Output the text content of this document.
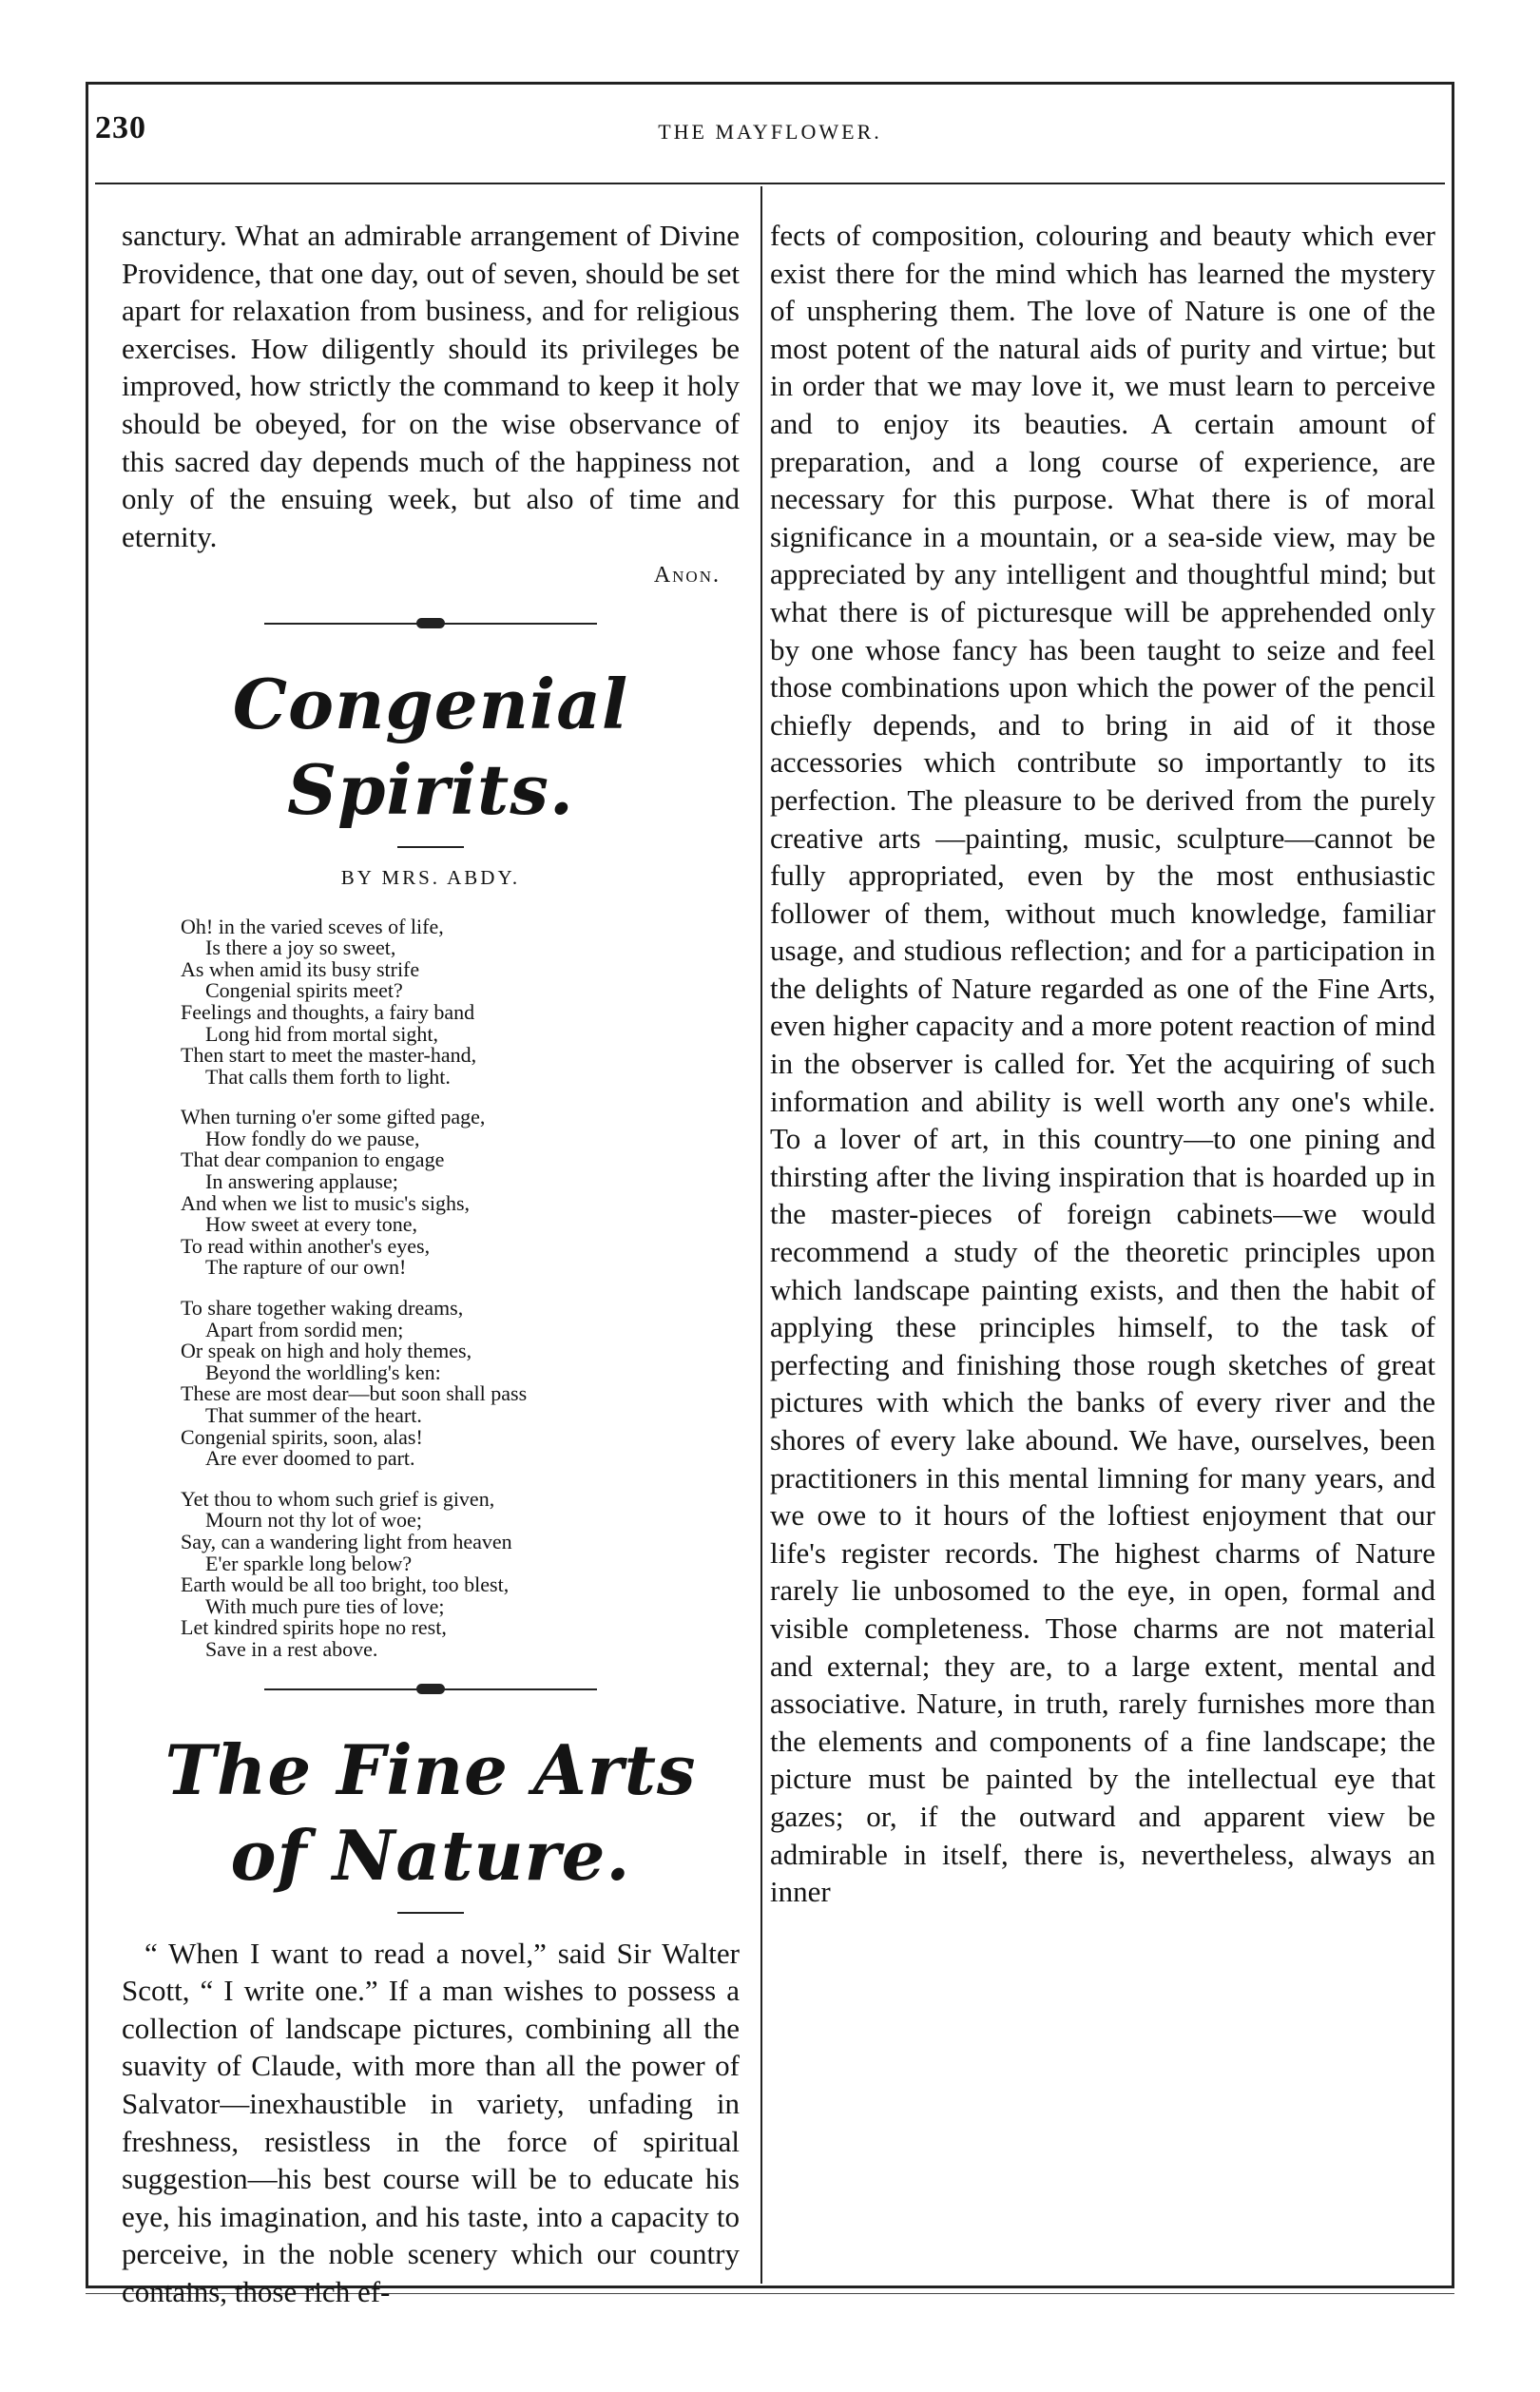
230	THE MAYFLOWER.

sanctury. What an admirable arrangement of Divine Providence, that one day, out of seven, should be set apart for relaxation from business, and for religious exercises. How diligently should its privileges be improved, how strictly the command to keep it holy should be obeyed, for on the wise observance of this sacred day depends much of the happiness not only of the ensuing week, but also of time and eternity.

Anon.
Congenial Spirits.
BY MRS. ABDY.
Oh! in the varied sceves of life,
Is there a joy so sweet,
As when amid its busy strife
Congenial spirits meet?
Feelings and thoughts, a fairy band
Long hid from mortal sight,
Then start to meet the master-hand,
That calls them forth to light.
When turning o'er some gifted page,
How fondly do we pause,
That dear companion to engage
In answering applause;
And when we list to music's sighs,
How sweet at every tone,
To read within another's eyes,
The rapture of our own!
To share together waking dreams,
Apart from sordid men;
Or speak on high and holy themes,
Beyond the worldling's ken:
These are most dear—but soon shall pass
That summer of the heart.
Congenial spirits, soon, alas!
Are ever doomed to part.
Yet thou to whom such grief is given,
Mourn not thy lot of woe;
Say, can a wandering light from heaven
E'er sparkle long below?
Earth would be all too bright, too blest,
With much pure ties of love;
Let kindred spirits hope no rest,
Save in a rest above.
The Fine Arts of Nature.

“ When I want to read a novel,” said Sir Walter Scott, “ I write one.” If a man wishes to possess a collection of landscape pictures, combining all the suavity of Claude, with more than all the power of Salvator—inexhaustible in variety, unfading in freshness, resistless in the force of spiritual suggestion—his best course will be to educate his eye, his imagination, and his taste, into a capacity to perceive, in the noble scenery which our country contains, those rich ef-

fects of composition, colouring and beauty which ever exist there for the mind which has learned the mystery of unsphering them. The love of Nature is one of the most potent of the natural aids of purity and virtue; but in order that we may love it, we must learn to perceive and to enjoy its beauties. A certain amount of preparation, and a long course of experience, are necessary for this purpose. What there is of moral significance in a mountain, or a sea-side view, may be appreciated by any intelligent and thoughtful mind; but what there is of picturesque will be apprehended only by one whose fancy has been taught to seize and feel those combinations upon which the power of the pencil chiefly depends, and to bring in aid of it those accessories which contribute so importantly to its perfection. The pleasure to be derived from the purely creative arts —painting, music, sculpture—cannot be fully appropriated, even by the most enthusiastic follower of them, without much knowledge, familiar usage, and studious reflection; and for a participation in the delights of Nature regarded as one of the Fine Arts, even higher capacity and a more potent reaction of mind in the observer is called for. Yet the acquiring of such information and ability is well worth any one's while. To a lover of art, in this country—to one pining and thirsting after the living inspiration that is hoarded up in the master-pieces of foreign cabinets—we would recommend a study of the theoretic principles upon which landscape painting exists, and then the habit of applying these principles himself, to the task of perfecting and finishing those rough sketches of great pictures with which the banks of every river and the shores of every lake abound. We have, ourselves, been practitioners in this mental limning for many years, and we owe to it hours of the loftiest enjoyment that our life's register records. The highest charms of Nature rarely lie unbosomed to the eye, in open, formal and visible completeness. Those charms are not material and external; they are, to a large extent, mental and associative. Nature, in truth, rarely furnishes more than the elements and components of a fine landscape; the picture must be painted by the intellectual eye that gazes; or, if the outward and apparent view be admirable in itself, there is, nevertheless, always an inner
